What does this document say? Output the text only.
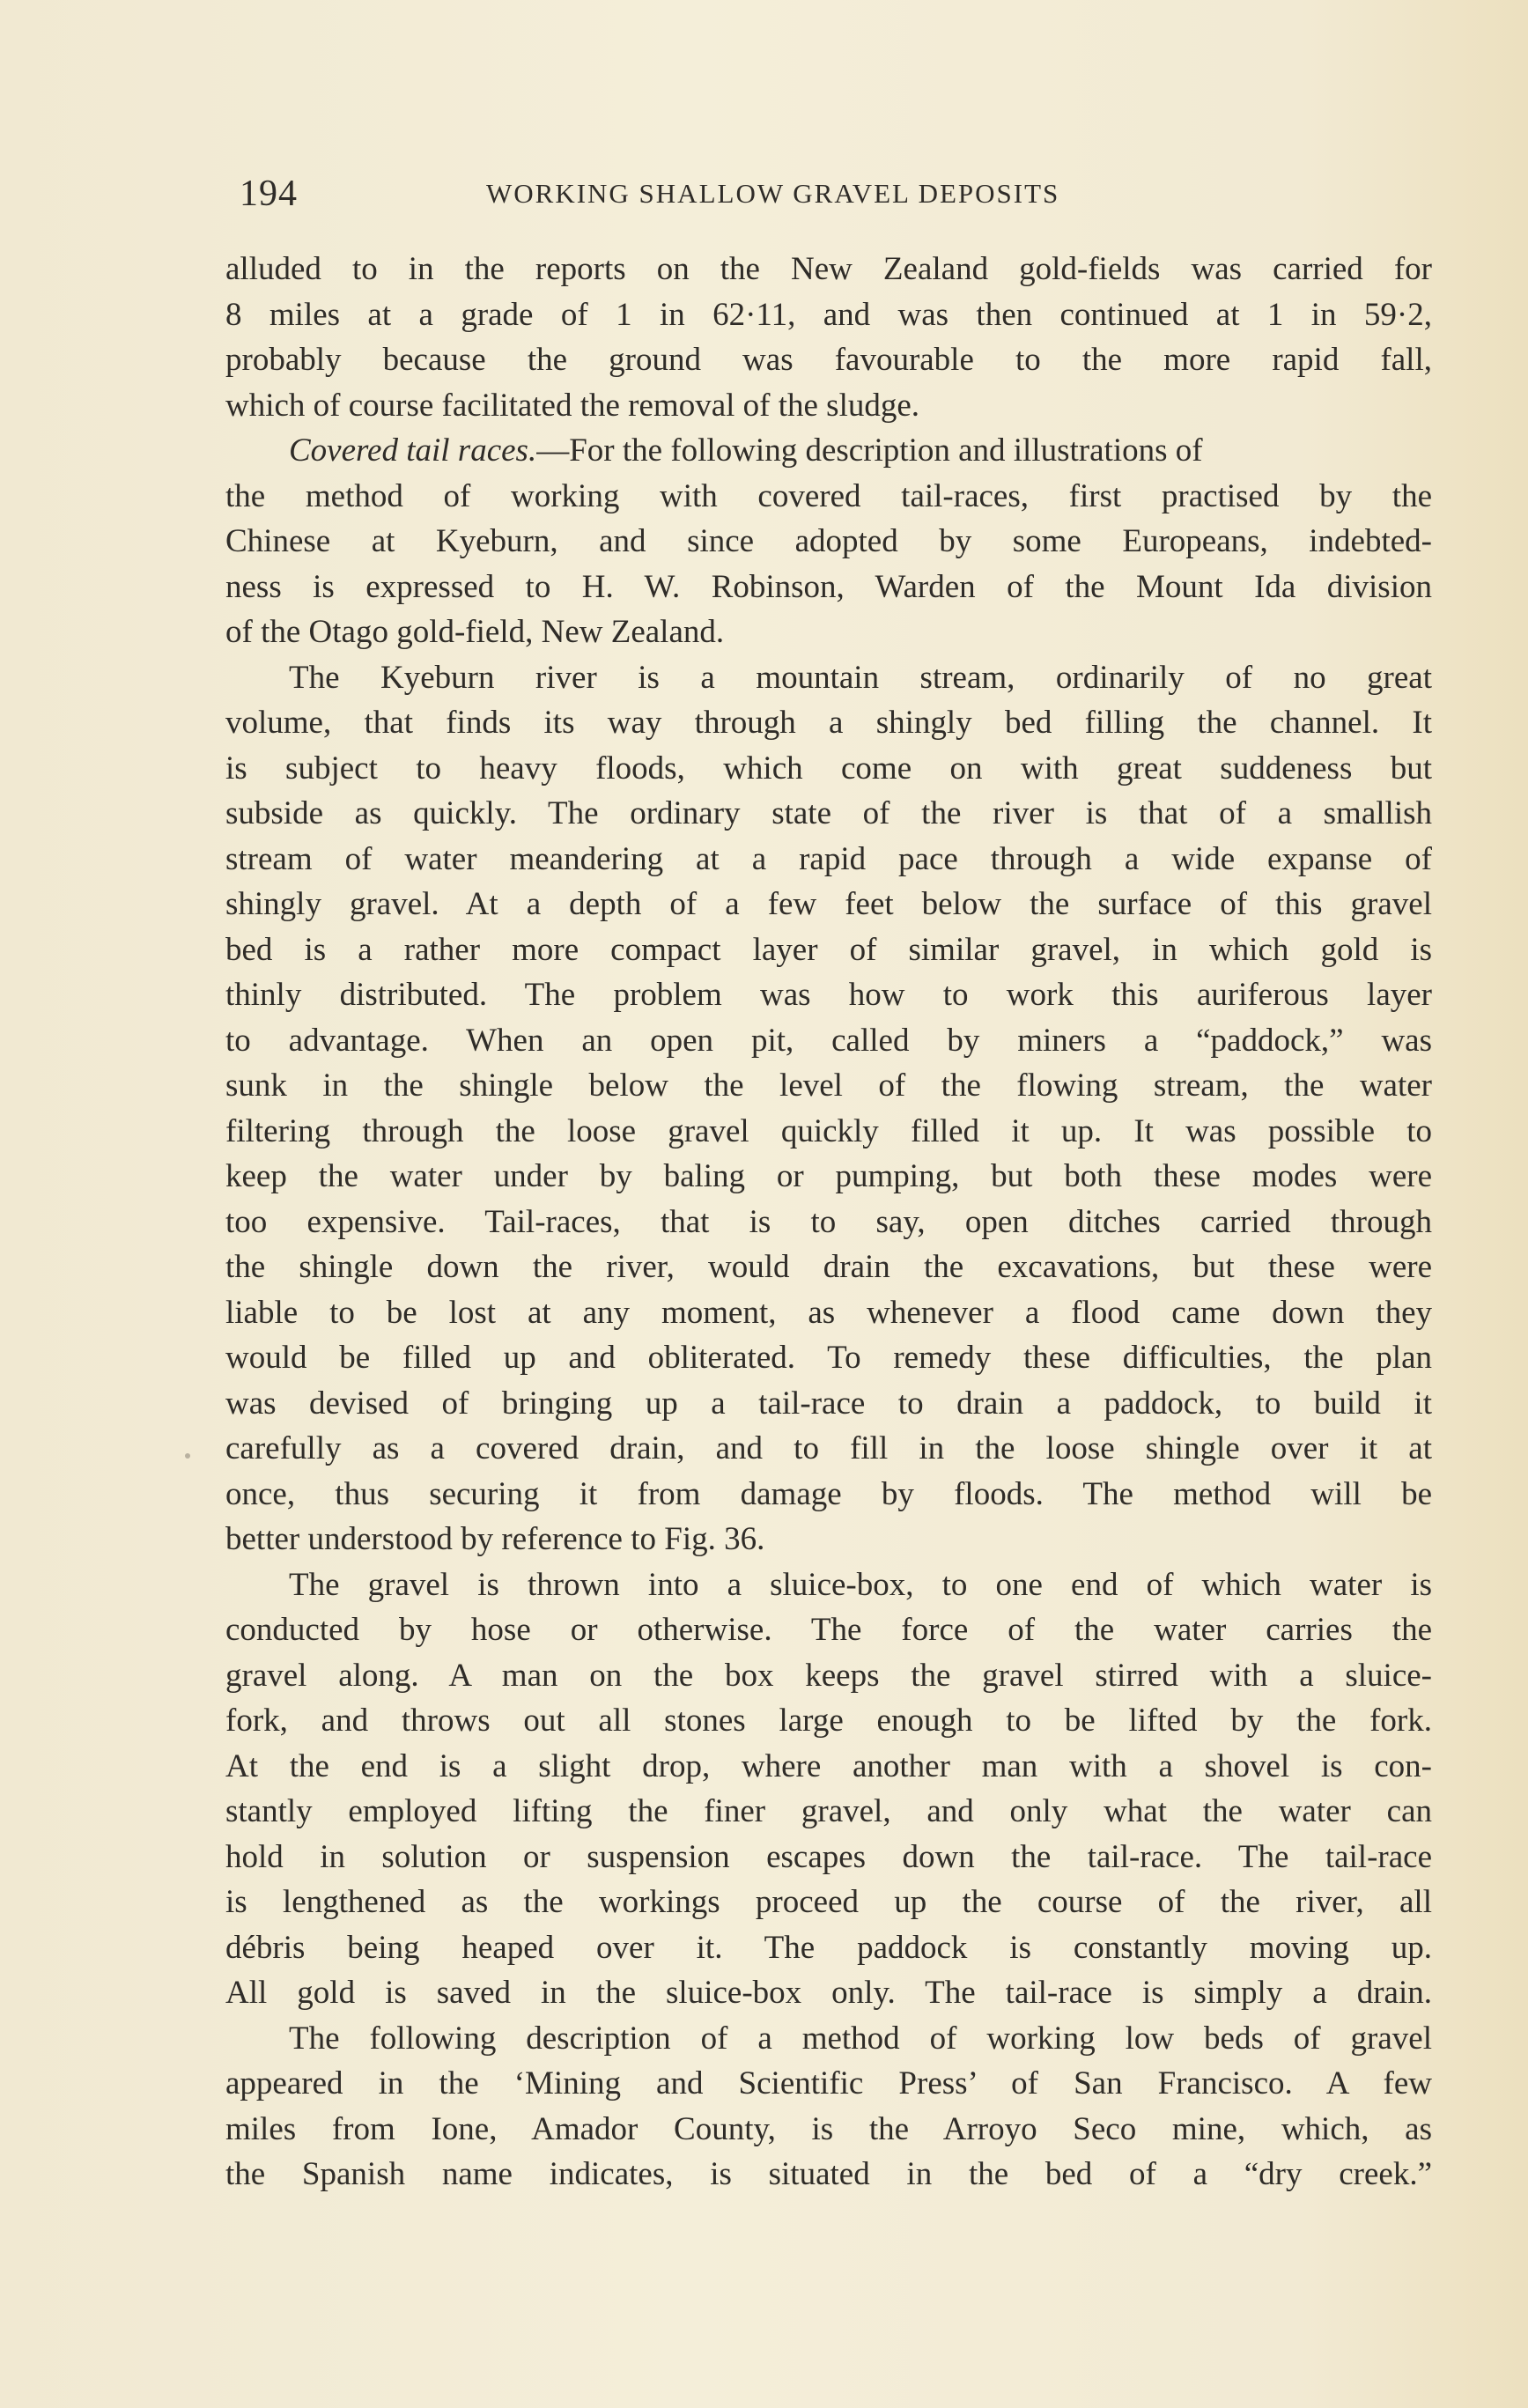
194	WORKING SHALLOW GRAVEL DEPOSITS
alluded to in the reports on the New Zealand gold-fields was carried for
8 miles at a grade of 1 in 62·11, and was then continued at 1 in 59·2,
probably because the ground was favourable to the more rapid fall,
which of course facilitated the removal of the sludge.
Covered tail races.—For the following description and illustrations of
the method of working with covered tail-races, first practised by the
Chinese at Kyeburn, and since adopted by some Europeans, indebted-
ness is expressed to H. W. Robinson, Warden of the Mount Ida division
of the Otago gold-field, New Zealand.
The Kyeburn river is a mountain stream, ordinarily of no great
volume, that finds its way through a shingly bed filling the channel. It
is subject to heavy floods, which come on with great suddeness but
subside as quickly. The ordinary state of the river is that of a smallish
stream of water meandering at a rapid pace through a wide expanse of
shingly gravel. At a depth of a few feet below the surface of this gravel
bed is a rather more compact layer of similar gravel, in which gold is
thinly distributed. The problem was how to work this auriferous layer
to advantage. When an open pit, called by miners a “paddock,” was
sunk in the shingle below the level of the flowing stream, the water
filtering through the loose gravel quickly filled it up. It was possible to
keep the water under by baling or pumping, but both these modes were
too expensive. Tail-races, that is to say, open ditches carried through
the shingle down the river, would drain the excavations, but these were
liable to be lost at any moment, as whenever a flood came down they
would be filled up and obliterated. To remedy these difficulties, the plan
was devised of bringing up a tail-race to drain a paddock, to build it
carefully as a covered drain, and to fill in the loose shingle over it at
once, thus securing it from damage by floods. The method will be
better understood by reference to Fig. 36.
The gravel is thrown into a sluice-box, to one end of which water is
conducted by hose or otherwise. The force of the water carries the
gravel along. A man on the box keeps the gravel stirred with a sluice-
fork, and throws out all stones large enough to be lifted by the fork.
At the end is a slight drop, where another man with a shovel is con-
stantly employed lifting the finer gravel, and only what the water can
hold in solution or suspension escapes down the tail-race. The tail-race
is lengthened as the workings proceed up the course of the river, all
débris being heaped over it. The paddock is constantly moving up.
All gold is saved in the sluice-box only. The tail-race is simply a drain.
The following description of a method of working low beds of gravel
appeared in the ‘Mining and Scientific Press’ of San Francisco. A few
miles from Ione, Amador County, is the Arroyo Seco mine, which, as
the Spanish name indicates, is situated in the bed of a “dry creek.”
